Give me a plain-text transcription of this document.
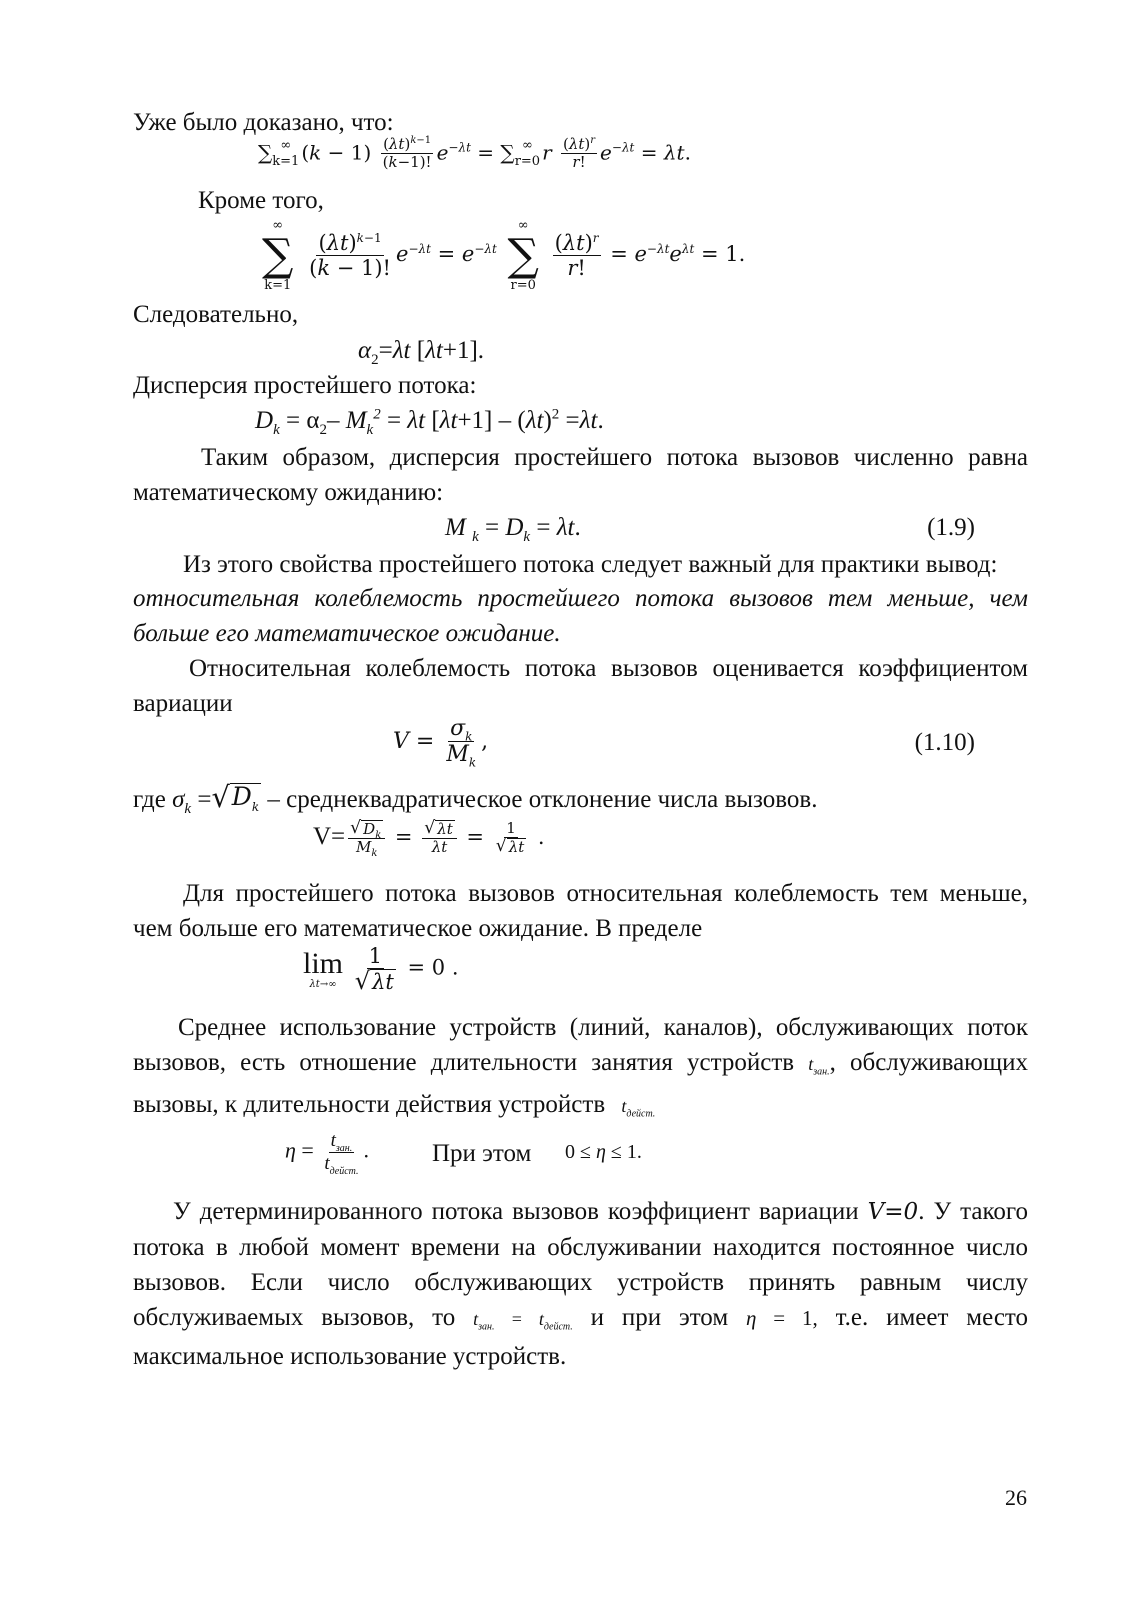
Уже было доказано, что:
∑ ∞
k=1 $(k - 1) \frac{(\lambda t)^{k-1}}{(k-1)!} e^{-\lambda t}$ = ∑ ∞
r=0 r $\frac{(\lambda t)^r}{r!} e^{-\lambda t} = \lambda t$.
Кроме того,
∞
∑
k=1

$\frac{(\lambda t)^{k-1}}{(k - 1)!} e^{-\lambda t} = e^{-\lambda t}$
∞
∑
r=0

$\frac{(\lambda t)^r}{r!} = e^{-\lambda t}e^{\lambda t} = 1$.
Следовательно,
$\alpha_2=\lambda t$ [λt+1].
Дисперсия простейшего потока:
$D_k = \alpha_2-$ $M_k^2 = \lambda t$ $[\lambda t+1] - (\lambda t)^2 =\lambda t$.
Таким образом, дисперсия простейшего потока вызовов численно равна
математическому ожиданию:
M $_k = D_k = \lambda t$.	(1.9)
Из этого свойства простейшего потока следует важный для практики вывод:
относительная колеблемость простейшего потока вызовов тем меньше, чем
больше его математическое ожидание.
Относительная колеблемость потока вызовов оценивается коэффициентом
вариации
$V = \frac{\sigma_k}{M_k}$ ,	(1.10)
где $\sigma_k$ = √ $D_k$ – среднеквадратическое отклонение числа вызовов.
$V= \frac{√ D_k}{M_k} = \frac{√ \lambda t}{\lambda t} = \frac{1}{√ \lambda t}$ .
Для простейшего потока вызовов относительная колеблемость тем меньше,
чем больше его математическое ожидание. В пределе
lim
λt→∞
$\frac{1}{√ \lambda t} = 0$ .
Среднее использование устройств (линий, каналов), обслуживающих поток
вызовов, есть отношение длительности занятия устройств $t_{зан.}$, обслуживающих
вызовы, к длительности действия устройств $t_{дейст.}$
$\eta = \frac{t_{зан.}}{t_{дейст.}}$ .	При этом 0 ≤ η ≤ 1.
У детерминированного потока вызовов коэффициент вариации V=0. У такого
потока в любой момент времени на обслуживании находится постоянное число
вызовов. Если число обслуживающих устройств принять равным числу
обслуживаемых вызовов, то $t_{зан.} = t_{дейст.}$ и при этом η = 1, т.е. имеет место
максимальное использование устройств.
26
